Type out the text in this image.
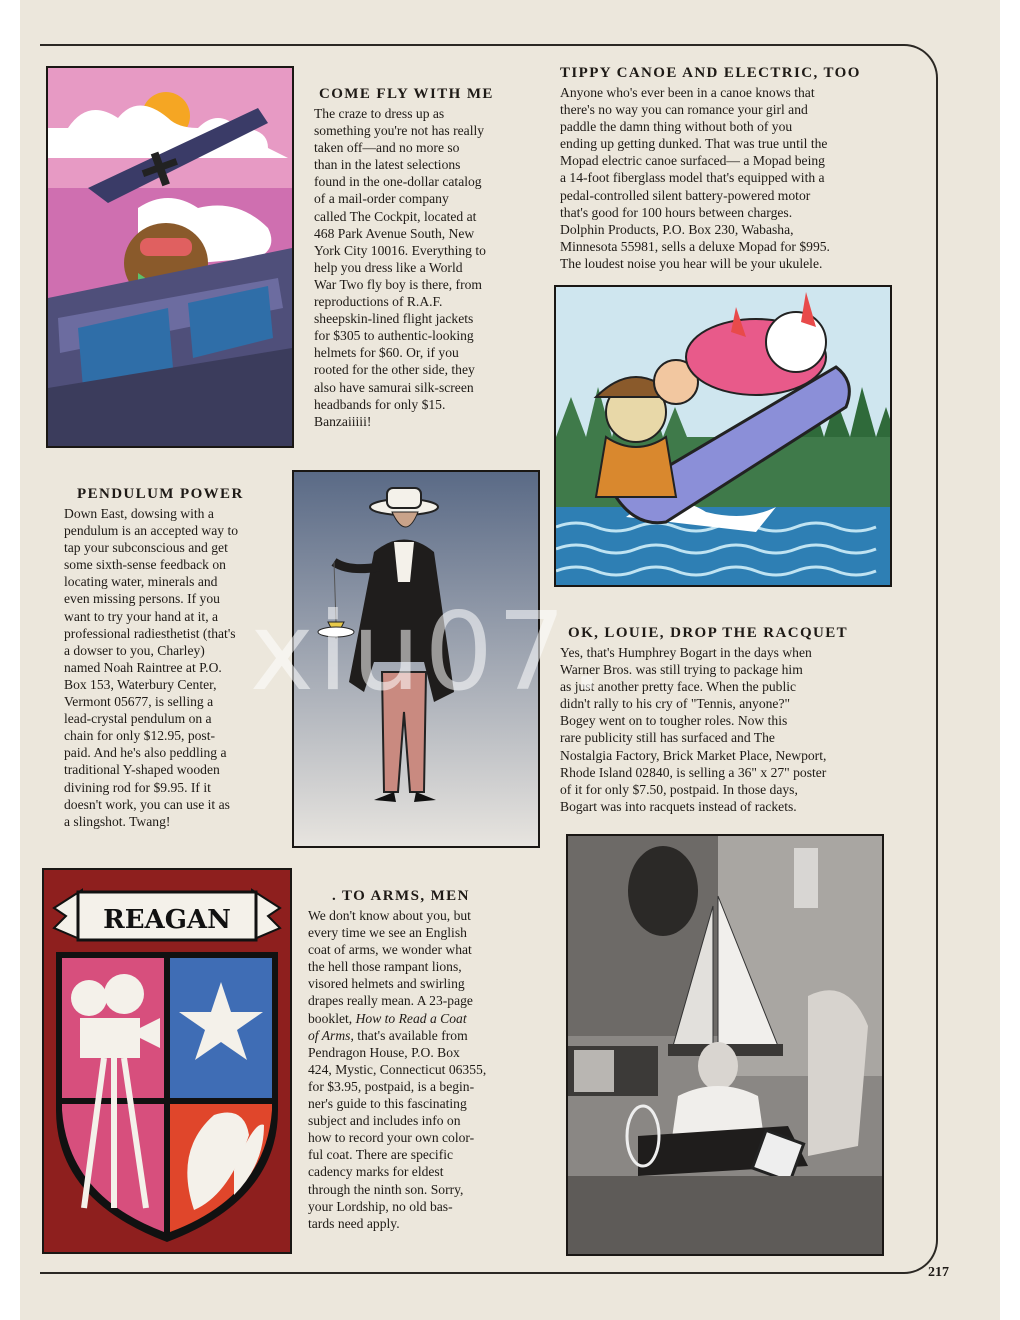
COME FLY WITH ME
The craze to dress up as
something you're not has really
taken off—and no more so
than in the latest selections
found in the one-dollar catalog
of a mail-order company
called The Cockpit, located at
468 Park Avenue South, New
York City 10016. Everything to
help you dress like a World
War Two fly boy is there, from
reproductions of R.A.F.
sheepskin-lined flight jackets
for $305 to authentic-looking
helmets for $60. Or, if you
rooted for the other side, they
also have samurai silk-screen
headbands for only $15.
Banzaiiiii!
TIPPY CANOE AND ELECTRIC, TOO
Anyone who's ever been in a canoe knows that
there's no way you can romance your girl and
paddle the damn thing without both of you
ending up getting dunked. That was true until the
Mopad electric canoe surfaced— a Mopad being
a 14-foot fiberglass model that's equipped with a
pedal-controlled silent battery-powered motor
that's good for 100 hours between charges.
Dolphin Products, P.O. Box 230, Wabasha,
Minnesota 55981, sells a deluxe Mopad for $995.
The loudest noise you hear will be your ukulele.
PENDULUM POWER
Down East, dowsing with a
pendulum is an accepted way to
tap your subconscious and get
some sixth-sense feedback on
locating water, minerals and
even missing persons. If you
want to try your hand at it, a
professional radiesthetist (that's
a dowser to you, Charley)
named Noah Raintree at P.O.
Box 153, Waterbury Center,
Vermont 05677, is selling a
lead-crystal pendulum on a
chain for only $12.95, post-
paid. And he's also peddling a
traditional Y-shaped wooden
divining rod for $9.95. If it
doesn't work, you can use it as
a slingshot. Twang!
OK, LOUIE, DROP THE RACQUET
Yes, that's Humphrey Bogart in the days when
Warner Bros. was still trying to package him
as just another pretty face. When the public
didn't rally to his cry of "Tennis, anyone?"
Bogey went on to tougher roles. Now this
rare publicity still has surfaced and The
Nostalgia Factory, Brick Market Place, Newport,
Rhode Island 02840, is selling a 36" x 27" poster
of it for only $7.50, postpaid. In those days,
Bogart was into racquets instead of rackets.
REAGAN
. TO ARMS, MEN
We don't know about you, but
every time we see an English
coat of arms, we wonder what
the hell those rampant lions,
visored helmets and swirling
drapes really mean. A 23-page
booklet, How to Read a Coat
of Arms, that's available from
Pendragon House, P.O. Box
424, Mystic, Connecticut 06355,
for $3.95, postpaid, is a begin-
ner's guide to this fascinating
subject and includes info on
how to record your own color-
ful coat. There are specific
cadency marks for eldest
through the ninth son. Sorry,
your Lordship, no old bas-
tards need apply.
xiu07.
217
